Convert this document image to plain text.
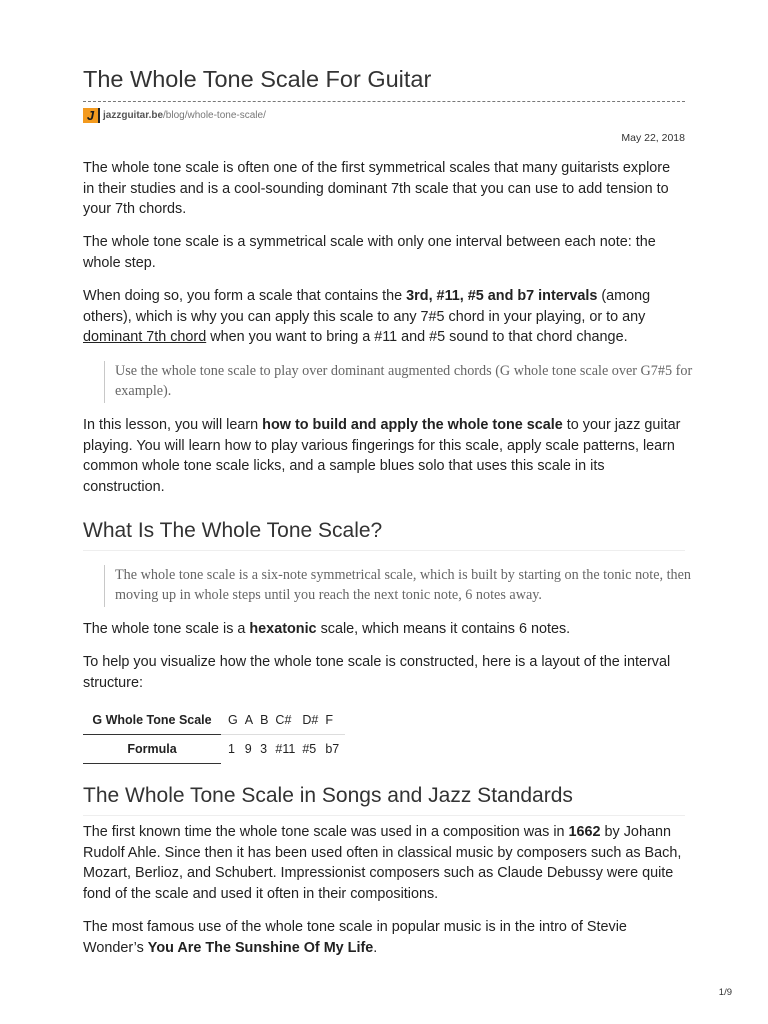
The Whole Tone Scale For Guitar
J jazzguitar.be /blog/whole-tone-scale/
May 22, 2018

The whole tone scale is often one of the first symmetrical scales that many guitarists explore in their studies and is a cool-sounding dominant 7th scale that you can use to add tension to your 7th chords.

The whole tone scale is a symmetrical scale with only one interval between each note: the whole step.

When doing so, you form a scale that contains the 3rd, #11, #5 and b7 intervals (among others), which is why you can apply this scale to any 7#5 chord in your playing, or to any dominant 7th chord when you want to bring a #11 and #5 sound to that chord change.

Use the whole tone scale to play over dominant augmented chords (G whole tone scale over G7#5 for example).

In this lesson, you will learn how to build and apply the whole tone scale to your jazz guitar playing. You will learn how to play various fingerings for this scale, apply scale patterns, learn common whole tone scale licks, and a sample blues solo that uses this scale in its construction.

What Is The Whole Tone Scale?
The whole tone scale is a six-note symmetrical scale, which is built by starting on the tonic note, then moving up in whole steps until you reach the next tonic note, 6 notes away.

The whole tone scale is a hexatonic scale, which means it contains 6 notes.

To help you visualize how the whole tone scale is constructed, here is a layout of the interval structure:

G Whole Tone Scale	G	A	B	C#	D#	F
Formula	1	9	3	#11	#5	b7
The Whole Tone Scale in Songs and Jazz Standards

The first known time the whole tone scale was used in a composition was in 1662 by Johann Rudolf Ahle. Since then it has been used often in classical music by composers such as Bach, Mozart, Berlioz, and Schubert. Impressionist composers such as Claude Debussy were quite fond of the scale and used it often in their compositions.

The most famous use of the whole tone scale in popular music is in the intro of Stevie Wonder’s You Are The Sunshine Of My Life.

1/9
